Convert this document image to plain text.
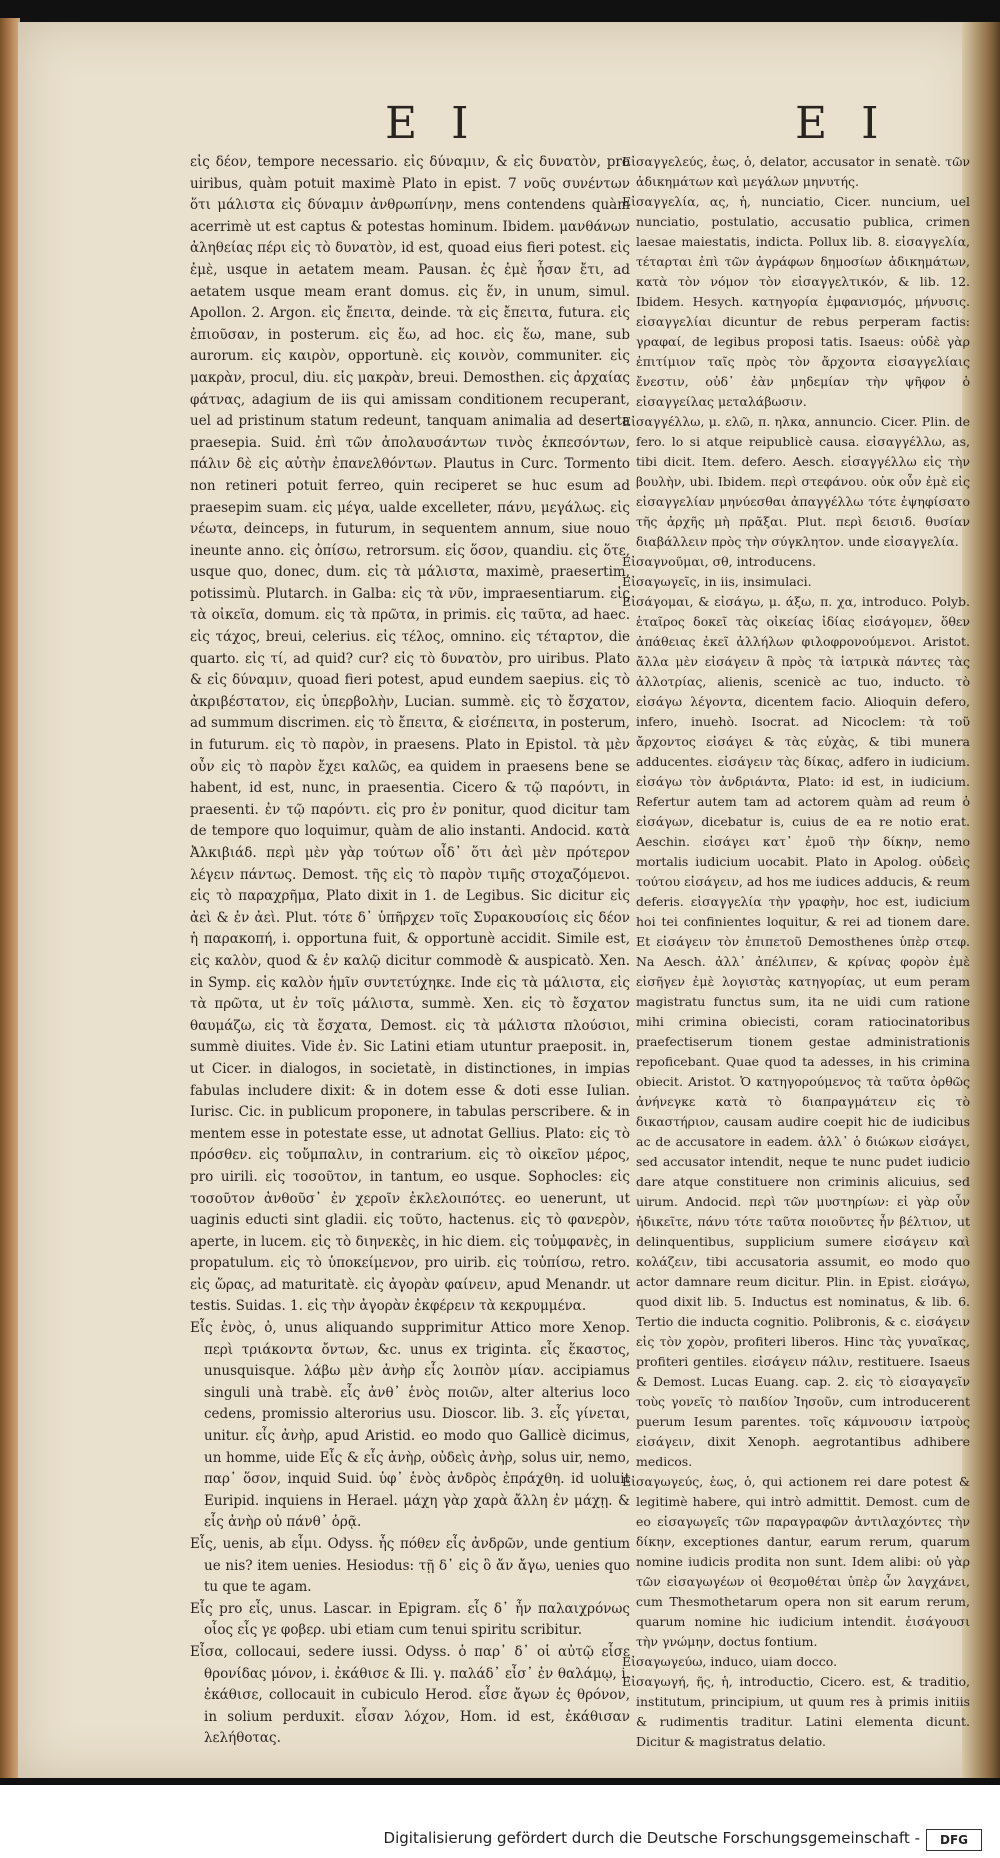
E I	E I

εἰς δέον, tempore necessario. εἰς δύναμιν, & εἰς δυνατὸν, pro uiribus, quàm potuit maximè Plato in epist. 7 νοῦς συνέντων ὅτι μάλιστα εἰς δύναμιν ἀνθρωπίνην, mens contendens quàm acerrimè ut est captus & potestas hominum. Ibidem. μανθάνων ἀληθείας πέρι εἰς τὸ δυνατὸν, id est, quoad eius fieri potest. εἰς ἐμὲ, usque in aetatem meam. Pausan. ἐς ἐμὲ ἦσαν ἔτι, ad aetatem usque meam erant domus. εἰς ἕν, in unum, simul. Apollon. 2. Argon. εἰς ἔπειτα, deinde. τὰ εἰς ἔπειτα, futura. εἰς ἐπιοῦσαν, in posterum. εἰς ἕω, ad hoc. εἰς ἕω, mane, sub aurorum. εἰς καιρὸν, opportunè. εἰς κοινὸν, communiter. εἰς μακρὰν, procul, diu. εἰς μακρὰν, breui. Demosthen. εἰς ἀρχαίας φάτνας, adagium de iis qui amissam conditionem recuperant, uel ad pristinum statum redeunt, tanquam animalia ad deserta praesepia. Suid. ἐπὶ τῶν ἀπολαυσάντων τινὸς ἐκπεσόντων, πάλιν δὲ εἰς αὐτὴν ἐπανελθόντων. Plautus in Curc. Tormento non retineri potuit ferreo, quin reciperet se huc esum ad praesepim suam. εἰς μέγα, ualde excelleter, πάνυ, μεγάλως. εἰς νέωτα, deinceps, in futurum, in sequentem annum, siue nouo ineunte anno. εἰς ὀπίσω, retrorsum. εἰς ὅσον, quandiu. εἰς ὅτε, usque quo, donec, dum. εἰς τὰ μάλιστα, maximè, praesertim, potissimù. Plutarch. in Galba: εἰς τὰ νῦν, impraesentiarum. εἰς τὰ οἰκεῖα, domum. εἰς τὰ πρῶτα, in primis. εἰς ταῦτα, ad haec. εἰς τάχος, breui, celerius. εἰς τέλος, omnino. εἰς τέταρτον, die quarto. εἰς τί, ad quid? cur? εἰς τὸ δυνατὸν, pro uiribus. Plato & εἰς δύναμιν, quoad fieri potest, apud eundem saepius. εἰς τὸ ἀκριβέστατον, εἰς ὑπερβολὴν, Lucian. summè. εἰς τὸ ἔσχατον, ad summum discrimen. εἰς τὸ ἔπειτα, & εἰσέπειτα, in posterum, in futurum. εἰς τὸ παρὸν, in praesens. Plato in Epistol. τὰ μὲν οὖν εἰς τὸ παρὸν ἔχει καλῶς, ea quidem in praesens bene se habent, id est, nunc, in praesentia. Cicero & τῷ παρόντι, in praesenti. ἐν τῷ παρόντι. εἰς pro ἐν ponitur, quod dicitur tam de tempore quo loquimur, quàm de alio instanti. Andocid. κατὰ Ἀλκιβιάδ. περὶ μὲν γὰρ τούτων οἶδ᾽ ὅτι ἀεὶ μὲν πρότερον λέγειν πάντως. Demost. τῆς εἰς τὸ παρὸν τιμῆς στοχαζόμενοι. εἰς τὸ παραχρῆμα, Plato dixit in 1. de Legibus. Sic dicitur εἰς ἀεὶ & ἐν ἀεὶ. Plut. τότε δ᾽ ὑπῆρχεν τοῖς Συρακουσίοις εἰς δέον ἡ παρακοπή, i. opportuna fuit, & opportunè accidit. Simile est, εἰς καλὸν, quod & ἐν καλῷ dicitur commodè & auspicatò. Xen. in Symp. εἰς καλὸν ἡμῖν συντετύχηκε. Inde εἰς τὰ μάλιστα, εἰς τὰ πρῶτα, ut ἐν τοῖς μάλιστα, summè. Xen. εἰς τὸ ἔσχατον θαυμάζω, εἰς τὰ ἔσχατα, Demost. εἰς τὰ μάλιστα πλούσιοι, summè diuites. Vide ἐν. Sic Latini etiam utuntur praeposit. in, ut Cicer. in dialogos, in societatè, in distinctiones, in impias fabulas includere dixit: & in dotem esse & doti esse Iulian. Iurisc. Cic. in publicum proponere, in tabulas perscribere. & in mentem esse in potestate esse, ut adnotat Gellius. Plato: εἰς τὸ πρόσθεν. εἰς τοὔμπαλιν, in contrarium. εἰς τὸ οἰκεῖον μέρος, pro uirili. εἰς τοσοῦτον, in tantum, eo usque. Sophocles: εἰς τοσοῦτον ἀνθοῦσ᾽ ἐν χεροῖν ἐκλελοιπότες. eo uenerunt, ut uaginis educti sint gladii. εἰς τοῦτο, hactenus. εἰς τὸ φανερὸν, aperte, in lucem. εἰς τὸ διηνεκὲς, in hic diem. εἰς τοὐμφανὲς, in propatulum. εἰς τὸ ὑποκείμενον, pro uirib. εἰς τοὐπίσω, retro. εἰς ὥρας, ad maturitatè. εἰς ἀγορὰν φαίνειν, apud Menandr. ut testis. Suidas. 1. εἰς τὴν ἀγορὰν ἐκφέρειν τὰ κεκρυμμένα.

Εἷς ἑνὸς, ὁ, unus aliquando supprimitur Attico more Xenop. περὶ τριάκοντα ὄντων, &c. unus ex triginta. εἷς ἕκαστος, unusquisque. λάβω μὲν ἀνὴρ εἷς λοιπὸν μίαν. accipiamus singuli unà trabè. εἷς ἀνθ᾽ ἑνὸς ποιῶν, alter alterius loco cedens, promissio alterorius usu. Dioscor. lib. 3. εἷς γίνεται, unitur. εἷς ἀνὴρ, apud Aristid. eo modo quo Gallicè dicimus, un homme, uide Εἷς & εἷς ἀνὴρ, οὐδεὶς ἀνὴρ, solus uir, nemo, παρ᾽ ὅσον, inquid Suid. ὑφ᾽ ἑνὸς ἀνδρὸς ἐπράχθη. id uoluit Euripid. inquiens in Herael. μάχη γὰρ χαρὰ ἄλλη ἐν μάχῃ. & εἷς ἀνὴρ οὐ πάνθ᾽ ὁρᾷ.

Εἷς, uenis, ab εἶμι. Odyss. ἦς πόθεν εἶς ἀνδρῶν, unde gentium ue nis? item uenies. Hesiodus: τῇ δ᾽ εἰς ὃ ἄν ἄγω, uenies quo tu que te agam.

Εἷς pro εἶς, unus. Lascar. in Epigram. εἷς δ᾽ ἦν παλαιχρόνως οἷος εἷς γε φοβερ. ubi etiam cum tenui spiritu scribitur.

Εἶσα, collocaui, sedere iussi. Odyss. ὁ παρ᾽ δ᾽ οἱ αὐτῷ εἶσε θρονίδας μόνον, i. ἐκάθισε & Ili. γ. παλάδ᾽ εἶσ᾽ ἐν θαλάμῳ, i. ἐκάθισε, collocauit in cubiculo Herod. εἶσε ἄγων ἐς θρόνον, in solium perduxit. εἶσαν λόχον, Hom. id est, ἐκάθισαν λελήθοτας.

Εἰσαγγελεύς, ἑως, ὁ, delator, accusator in senatè. τῶν ἀδικημάτων καὶ μεγάλων μηνυτής.

Εἰσαγγελία, ας, ἡ, nunciatio, Cicer. nuncium, uel nunciatio, postulatio, accusatio publica, crimen laesae maiestatis, indicta. Pollux lib. 8. εἰσαγγελία, τέταρται ἐπὶ τῶν ἀγράφων δημοσίων ἀδικημάτων, κατὰ τὸν νόμον τὸν εἰσαγγελτικόν, & lib. 12. Ibidem. Hesych. κατηγορία ἐμφανισμός, μήνυσις. εἰσαγγελίαι dicuntur de rebus perperam factis: γραφαί, de legibus proposi tatis. Isaeus: οὐδὲ γὰρ ἐπιτίμιον ταῖς πρὸς τὸν ἄρχοντα εἰσαγγελίαις ἔνεστιν, οὐδ᾽ ἐὰν μηδεμίαν τὴν ψῆφον ὁ εἰσαγγείλας μεταλάβωσιν.

Εἰσαγγέλλω, μ. ελῶ, π. ηλκα, annuncio. Cicer. Plin. de fero. lo si atque reipublicè causa. εἰσαγγέλλω, as, tibi dicit. Item. defero. Aesch. εἰσαγγέλλω εἰς τὴν βουλὴν, ubi. Ibidem. περὶ στεφάνου. οὐκ οὖν ἐμὲ εἰς εἰσαγγελίαν μηνύεσθαι ἀπαγγέλλω τότε ἐψηφίσατο τῆς ἀρχῆς μὴ πρᾶξαι. Plut. περὶ δεισιδ. θυσίαν διαβάλλειν πρὸς τὴν σύγκλητον. unde εἰσαγγελία.

Εἰσαγνοῦμαι, σθ, introducens.

Εἰσαγωγεῖς, in iis, insimulaci.

Εἰσάγομαι, & εἰσάγω, μ. άξω, π. χα, introduco. Polyb. ἑταῖρος δοκεῖ τὰς οἰκείας ἰδίας εἰσάγομεν, ὅθεν ἀπάθειας ἐκεῖ ἀλλήλων φιλοφρονούμενοι. Aristot. ἄλλα μὲν εἰσάγειν ἃ πρὸς τὰ ἰατρικὰ πάντες τὰς ἀλλοτρίας, alienis, scenicè ac tuo, inducto. τὸ εἰσάγω λέγοντα, dicentem facio. Alioquin defero, infero, inuehò. Isocrat. ad Nicoclem: τὰ τοῦ ἄρχοντος εἰσάγει & τὰς εὐχὰς, & tibi munera adducentes. εἰσάγειν τὰς δίκας, adfero in iudicium. εἰσάγω τὸν ἀνδριάντα, Plato: id est, in iudicium. Refertur autem tam ad actorem quàm ad reum ὁ εἰσάγων, dicebatur is, cuius de ea re notio erat. Aeschin. εἰσάγει κατ᾽ ἐμοῦ τὴν δίκην, nemo mortalis iudicium uocabit. Plato in Apolog. οὐδεὶς τούτου εἰσάγειν, ad hos me iudices adducis, & reum deferis. εἰσαγγελία τὴν γραφὴν, hoc est, iudicium hoi tei confinientes loquitur, & rei ad tionem dare. Et εἰσάγειν τὸν ἐπιπετοῦ Demosthenes ὑπὲρ στεφ. Na Aesch. ἀλλ᾽ ἀπέλιπεν, & κρίνας φορὸν ἐμὲ εἰσῆγεν ἐμὲ λογιστὰς κατηγορίας, ut eum peram magistratu functus sum, ita ne uidi cum ratione mihi crimina obiecisti, coram ratiocinatoribus praefectiserum tionem gestae administrationis repoficebant. Quae quod ta adesses, in his crimina obiecit. Aristot. Ὁ κατηγορούμενος τὰ ταῦτα ὀρθῶς ἀνήνεγκε κατὰ τὸ διαπραγμάτειν εἰς τὸ δικαστήριον, causam audire coepit hic de iudicibus ac de accusatore in eadem. ἀλλ᾽ ὁ διώκων εἰσάγει, sed accusator intendit, neque te nunc pudet iudicio dare atque constituere non criminis alicuius, sed uirum. Andocid. περὶ τῶν μυστηρίων: εἰ γὰρ οὖν ἠδικεῖτε, πάνυ τότε ταῦτα ποιοῦντες ἦν βέλτιον, ut delinquentibus, supplicium sumere εἰσάγειν καὶ κολάζειν, tibi accusatoria assumit, eo modo quo actor damnare reum dicitur. Plin. in Epist. εἰσάγω, quod dixit lib. 5. Inductus est nominatus, & lib. 6. Tertio die inducta cognitio. Polibronis, & c. εἰσάγειν εἰς τὸν χορὸν, profiteri liberos. Hinc τὰς γυναῖκας, profiteri gentiles. εἰσάγειν πάλιν, restituere. Isaeus & Demost. Lucas Euang. cap. 2. εἰς τὸ εἰσαγαγεῖν τοὺς γονεῖς τὸ παιδίον Ἰησοῦν, cum introducerent puerum Iesum parentes. τοῖς κάμνουσιν ἰατροὺς εἰσάγειν, dixit Xenoph. aegrotantibus adhibere medicos.

Εἰσαγωγεύς, ἑως, ὁ, qui actionem rei dare potest & legitimè habere, qui intrò admittit. Demost. cum de eo εἰσαγωγεῖς τῶν παραγραφῶν ἀντιλαχόντες τὴν δίκην, exceptiones dantur, earum rerum, quarum nomine iudicis prodita non sunt. Idem alibi: οὐ γὰρ τῶν εἰσαγωγέων οἱ θεσμοθέται ὑπὲρ ὧν λαγχάνει, cum Thesmothetarum opera non sit earum rerum, quarum nomine hic iudicium intendit. ἐισάγουσι τὴν γνώμην, doctus fontium.

Εἰσαγωγεύω, induco, uiam docco.

Εἰσαγωγή, ῆς, ἡ, introductio, Cicero. est, & traditio, institutum, principium, ut quum res à primis initiis & rudimentis traditur. Latini elementa dicunt. Dicitur & magistratus delatio.

Digitalisierung gefördert durch die Deutsche Forschungsgemeinschaft -	DFG
